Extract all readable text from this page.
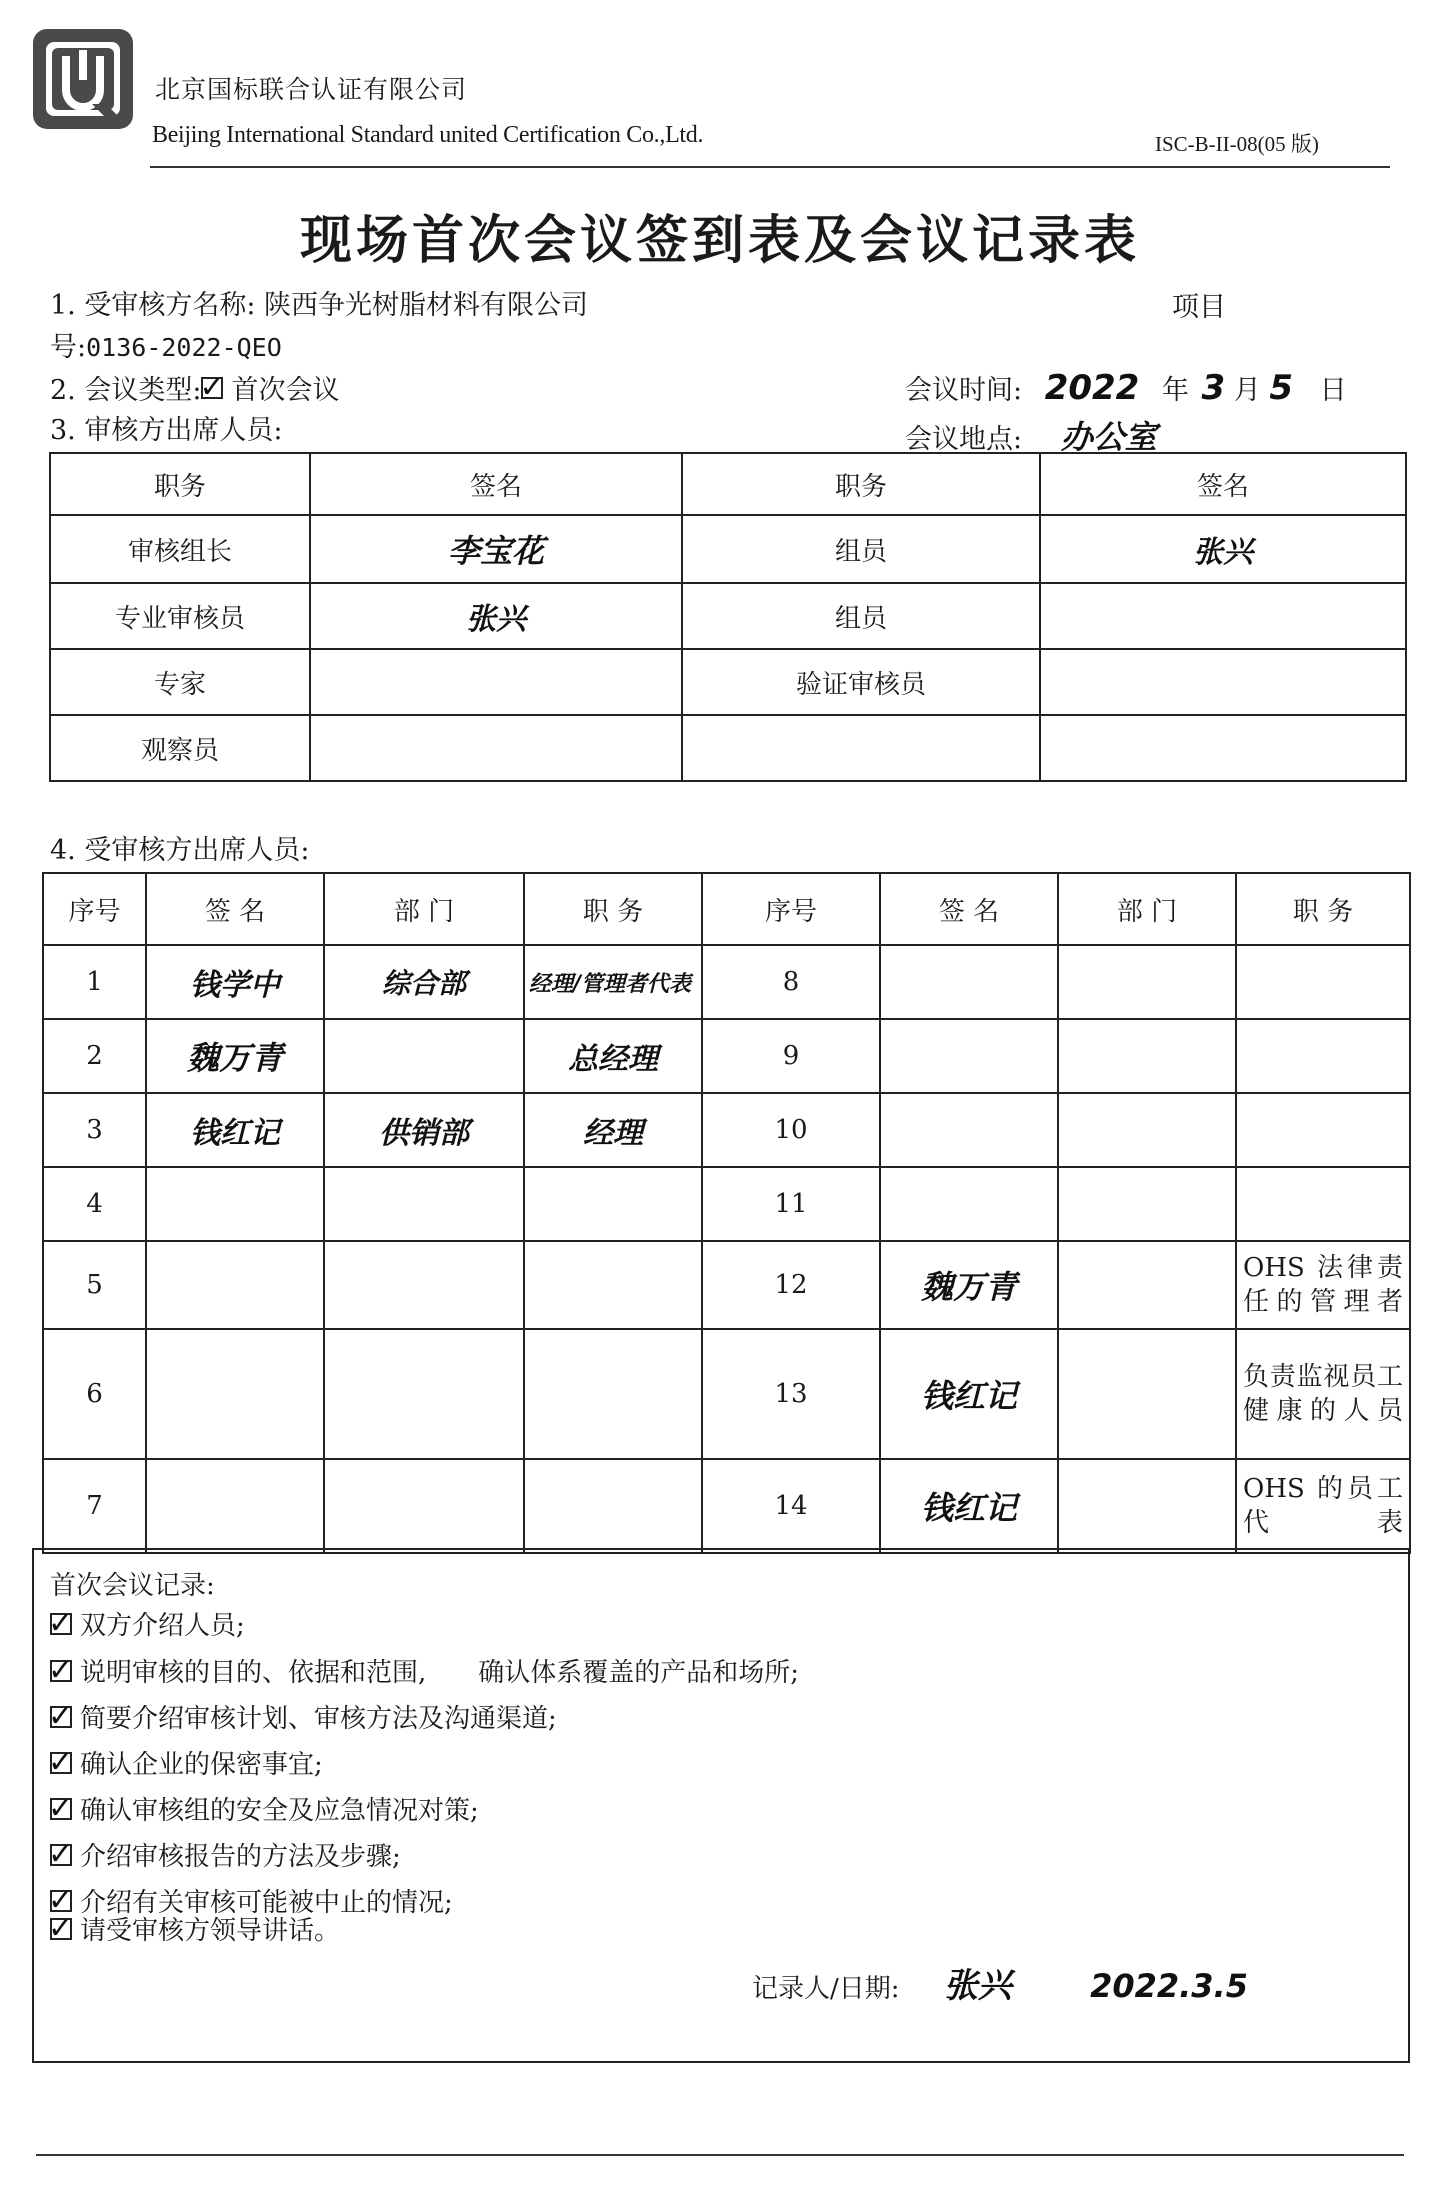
北京国标联合认证有限公司
Beijing International Standard united Certification Co.,Ltd.	ISC-B-II-08(05 版)
现场首次会议签到表及会议记录表
1. 受审核方名称: 陕西争光树脂材料有限公司	项目
号:0136-2022-QEO
2. 会议类型:
✓ 首次会议	会议时间: 2022 年 3 月 5 日
3. 审核方出席人员:	会议地点: 办公室
职务	签名	职务	签名
审核组长	李宝花	组员	张兴
专业审核员	张兴	组员	
专家		验证审核员	
观察员			
4. 受审核方出席人员:
序号	签 名	部 门	职 务	序号	签 名	部 门	职 务
1	钱学中	综合部	经理/管理者代表	8			
2	魏万青		总经理	9			
3	钱红记	供销部	经理	10			
4				11			
5				12	魏万青		OHS 法律责任的管理者
6				13	钱红记		负责监视员工健康的人员
7				14	钱红记		OHS 的员工代表
首次会议记录:
✓ 双方介绍人员;
✓ 说明审核的目的、依据和范围,　　确认体系覆盖的产品和场所;
✓ 简要介绍审核计划、审核方法及沟通渠道;
✓ 确认企业的保密事宜;
✓ 确认审核组的安全及应急情况对策;
✓ 介绍审核报告的方法及步骤;
✓ 介绍有关审核可能被中止的情况;
✓ 请受审核方领导讲话。
记录人/日期: 张兴 2022.3.5
